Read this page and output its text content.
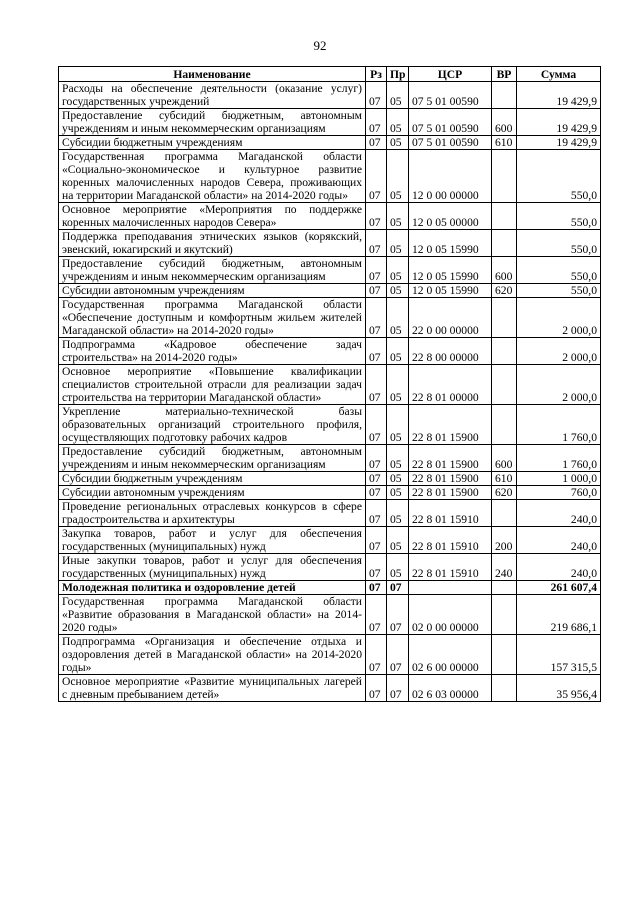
92
Наименование	Рз	Пр	ЦСР	ВР	Сумма
Расходы на обеспечение деятельности (оказание услуг) государственных учреждений	07	05	07 5 01 00590		19 429,9
Предоставление субсидий бюджетным, автономным учреждениям и иным некоммерческим организациям	07	05	07 5 01 00590	600	19 429,9
Субсидии бюджетным учреждениям	07	05	07 5 01 00590	610	19 429,9
Государственная программа Магаданской области «Социально-экономическое и культурное развитие коренных малочисленных народов Севера, проживающих на территории Магаданской области» на 2014-2020 годы»	07	05	12 0 00 00000		550,0
Основное мероприятие «Мероприятия по поддержке коренных малочисленных народов Севера»	07	05	12 0 05 00000		550,0
Поддержка преподавания этнических языков (корякский, эвенский, юкагирский и якутский)	07	05	12 0 05 15990		550,0
Предоставление субсидий бюджетным, автономным учреждениям и иным некоммерческим организациям	07	05	12 0 05 15990	600	550,0
Субсидии автономным учреждениям	07	05	12 0 05 15990	620	550,0
Государственная программа Магаданской области «Обеспечение доступным и комфортным жильем жителей Магаданской области» на 2014-2020 годы»	07	05	22 0 00 00000		2 000,0
Подпрограмма «Кадровое обеспечение задач строительства» на 2014-2020 годы»	07	05	22 8 00 00000		2 000,0
Основное мероприятие «Повышение квалификации специалистов строительной отрасли для реализации задач строительства на территории Магаданской области»	07	05	22 8 01 00000		2 000,0
Укрепление материально-технической базы образовательных организаций строительного профиля, осуществляющих подготовку рабочих кадров	07	05	22 8 01 15900		1 760,0
Предоставление субсидий бюджетным, автономным учреждениям и иным некоммерческим организациям	07	05	22 8 01 15900	600	1 760,0
Субсидии бюджетным учреждениям	07	05	22 8 01 15900	610	1 000,0
Субсидии автономным учреждениям	07	05	22 8 01 15900	620	760,0
Проведение региональных отраслевых конкурсов в сфере градостроительства и архитектуры	07	05	22 8 01 15910		240,0
Закупка товаров, работ и услуг для обеспечения государственных (муниципальных) нужд	07	05	22 8 01 15910	200	240,0
Иные закупки товаров, работ и услуг для обеспечения государственных (муниципальных) нужд	07	05	22 8 01 15910	240	240,0
Молодежная политика и оздоровление детей	07	07			261 607,4
Государственная программа Магаданской области «Развитие образования в Магаданской области» на 2014-2020 годы»	07	07	02 0 00 00000		219 686,1
Подпрограмма «Организация и обеспечение отдыха и оздоровления детей в Магаданской области» на 2014-2020 годы»	07	07	02 6 00 00000		157 315,5
Основное мероприятие «Развитие муниципальных лагерей с дневным пребыванием детей»	07	07	02 6 03 00000		35 956,4
